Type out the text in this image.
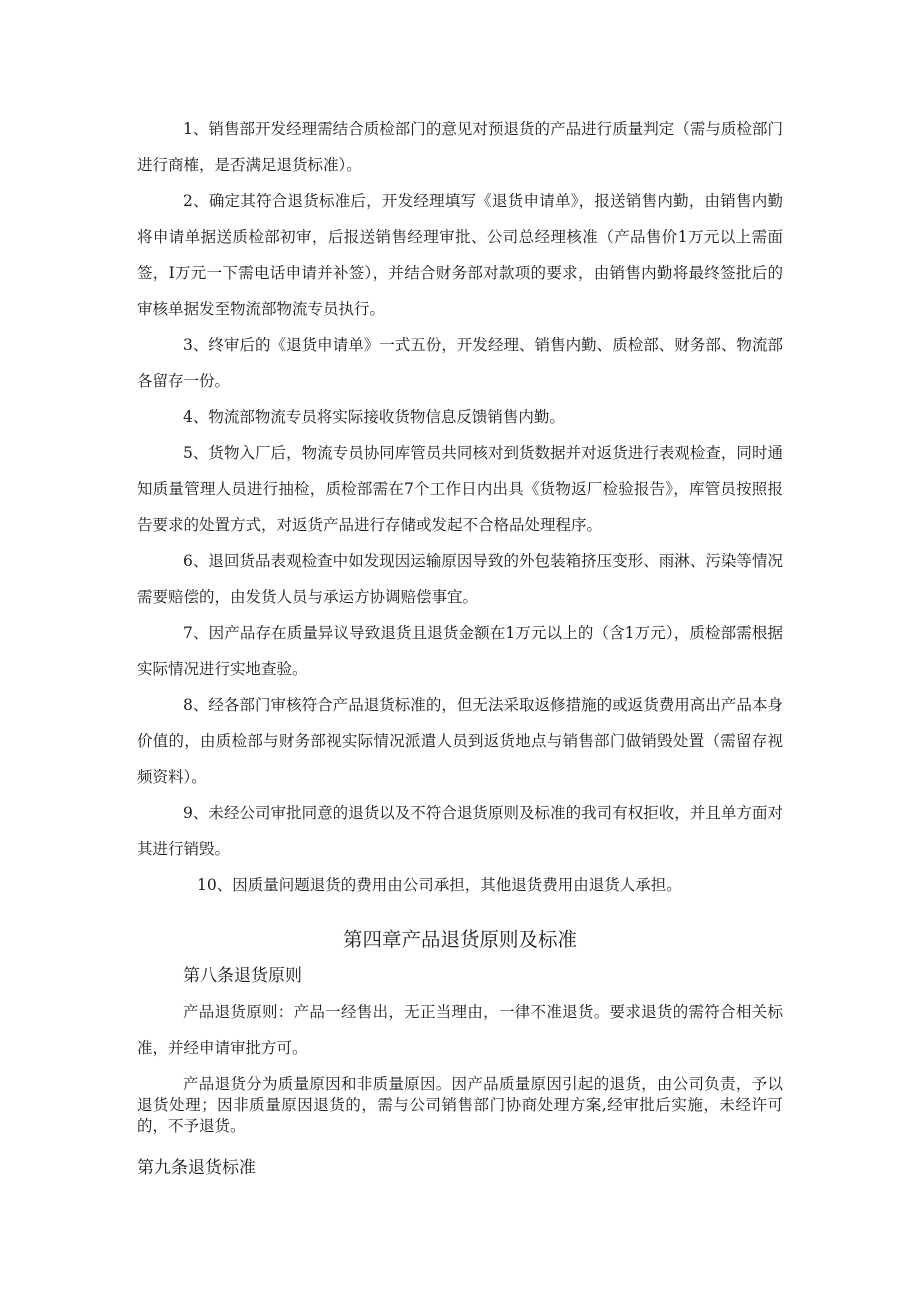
1、销售部开发经理需结合质检部门的意见对预退货的产品进行质量判定（需与质检部门进行商榷，是否满足退货标准）。

2、确定其符合退货标准后，开发经理填写《退货申请单》，报送销售内勤，由销售内勤将申请单据送质检部初审，后报送销售经理审批、公司总经理核准（产品售价1万元以上需面签，I万元一下需电话申请并补签），并结合财务部对款项的要求，由销售内勤将最终签批后的审核单据发至物流部物流专员执行。

3、终审后的《退货申请单》一式五份，开发经理、销售内勤、质检部、财务部、物流部各留存一份。

4、物流部物流专员将实际接收货物信息反馈销售内勤。

5、货物入厂后，物流专员协同库管员共同核对到货数据并对返货进行表观检查，同时通知质量管理人员进行抽检，质检部需在7个工作日内出具《货物返厂检验报告》，库管员按照报告要求的处置方式，对返货产品进行存储或发起不合格品处理程序。

6、退回货品表观检查中如发现因运输原因导致的外包装箱挤压变形、雨淋、污染等情况需要赔偿的，由发货人员与承运方协调赔偿事宜。

7、因产品存在质量异议导致退货且退货金额在1万元以上的（含1万元），质检部需根据实际情况进行实地查验。

8、经各部门审核符合产品退货标准的，但无法采取返修措施的或返货费用高出产品本身价值的，由质检部与财务部视实际情况派遣人员到返货地点与销售部门做销毁处置（需留存视频资料）。

9、未经公司审批同意的退货以及不符合退货原则及标准的我司有权拒收，并且单方面对其进行销毁。

10、因质量问题退货的费用由公司承担，其他退货费用由退货人承担。

第四章产品退货原则及标准

第八条退货原则

产品退货原则：产品一经售出，无正当理由，一律不准退货。要求退货的需符合相关标准，并经申请审批方可。

产品退货分为质量原因和非质量原因。因产品质量原因引起的退货，由公司负责，予以退货处理；因非质量原因退货的，需与公司销售部门协商处理方案,经审批后实施，未经许可的，不予退货。

第九条退货标准
